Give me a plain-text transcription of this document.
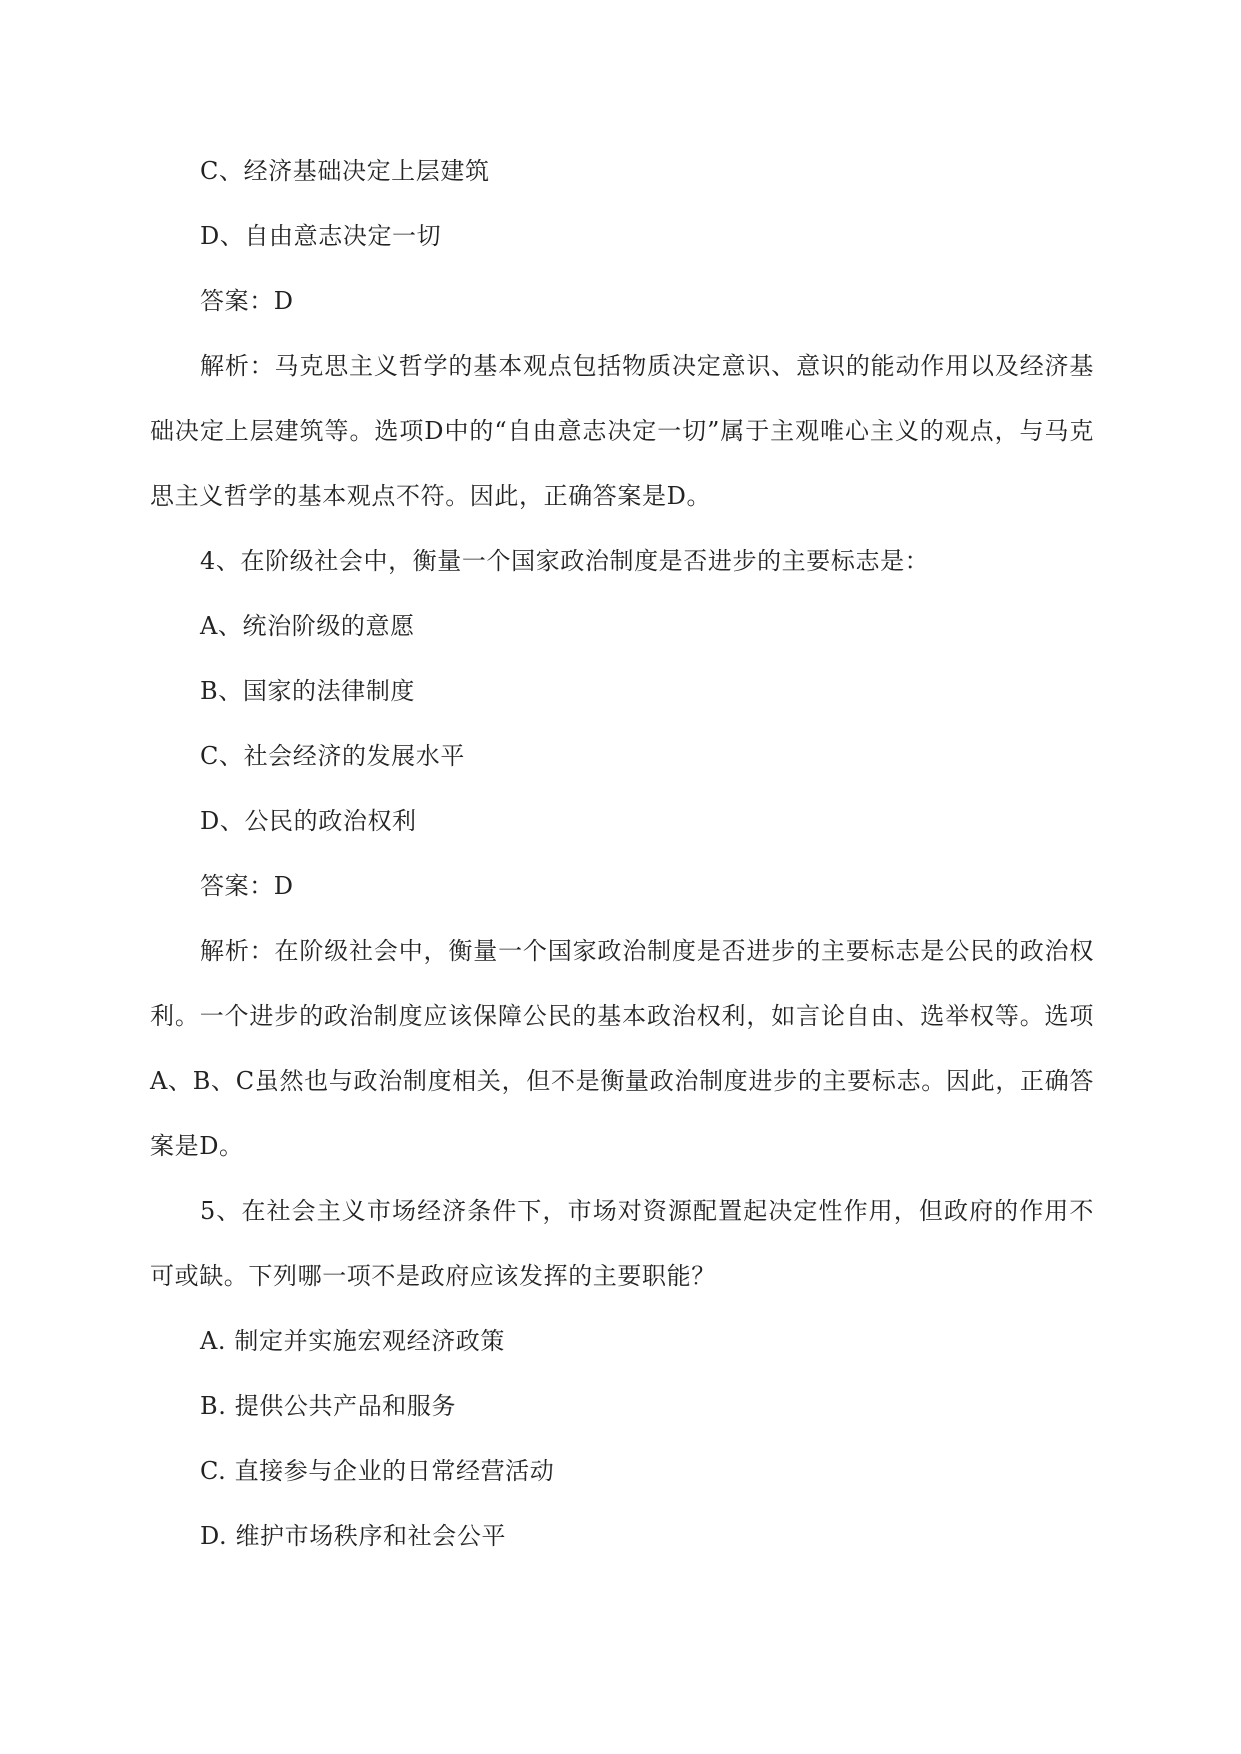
C、经济基础决定上层建筑

D、自由意志决定一切

答案：D

解析：马克思主义哲学的基本观点包括物质决定意识、意识的能动作用以及经济基础决定上层建筑等。选项D中的“自由意志决定一切”属于主观唯心主义的观点，与马克思主义哲学的基本观点不符。因此，正确答案是D。

4、在阶级社会中，衡量一个国家政治制度是否进步的主要标志是：

A、统治阶级的意愿

B、国家的法律制度

C、社会经济的发展水平

D、公民的政治权利

答案：D

解析：在阶级社会中，衡量一个国家政治制度是否进步的主要标志是公民的政治权利。一个进步的政治制度应该保障公民的基本政治权利，如言论自由、选举权等。选项A、B、C虽然也与政治制度相关，但不是衡量政治制度进步的主要标志。因此，正确答案是D。

5、在社会主义市场经济条件下，市场对资源配置起决定性作用，但政府的作用不可或缺。下列哪一项不是政府应该发挥的主要职能？

A. 制定并实施宏观经济政策

B. 提供公共产品和服务

C. 直接参与企业的日常经营活动

D. 维护市场秩序和社会公平
